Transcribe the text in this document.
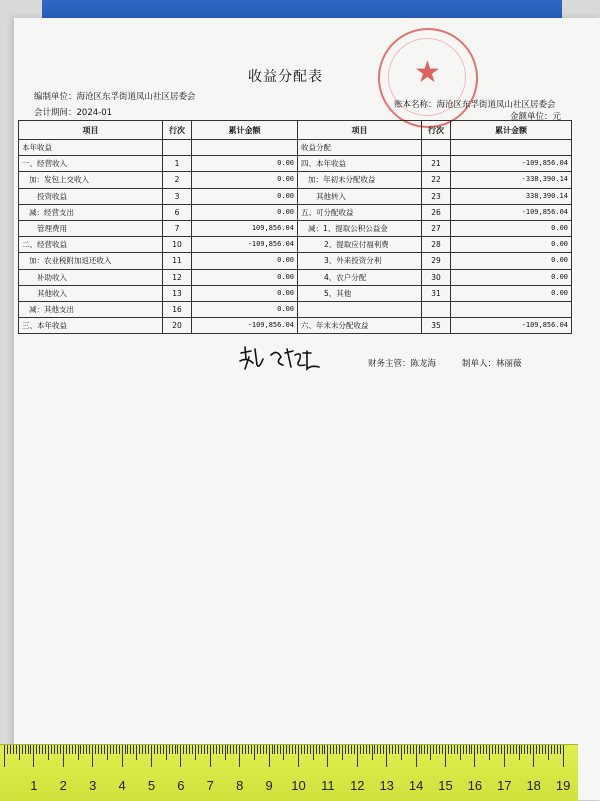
★
收益分配表
编制单位：海沧区东孚街道凤山社区居委会
会计期间：2024-01
账本名称：海沧区东孚街道凤山社区居委会
金额单位：元
项目	行次	累计金额	项目	行次	累计金额
本年收益			收益分配		
一、经营收入	1	0.00	四、本年收益	21	-109,856.04
加：发包上交收入	2	0.00	加：年初未分配收益	22	-338,390.14
投资收益	3	0.00	其他转入	23	338,390.14
减：经营支出	6	0.00	五、可分配收益	26	-109,856.04
管理费用	7	109,856.04	减：1、提取公积公益金	27	0.00
二、经营收益	10	-109,856.04	2、提取应付福利费	28	0.00
加：农业税附加返还收入	11	0.00	3、外来投资分利	29	0.00
补助收入	12	0.00	4、农户分配	30	0.00
其他收入	13	0.00	5、其他	31	0.00
减：其他支出	16	0.00			
三、本年收益	20	-109,856.04	六、年末未分配收益	35	-109,856.04
财务主管：陈龙海	制单人：林丽薇
1 2 3 4 5 6 7 8 9 10 11 12 13 14 15 16 17 18 19
